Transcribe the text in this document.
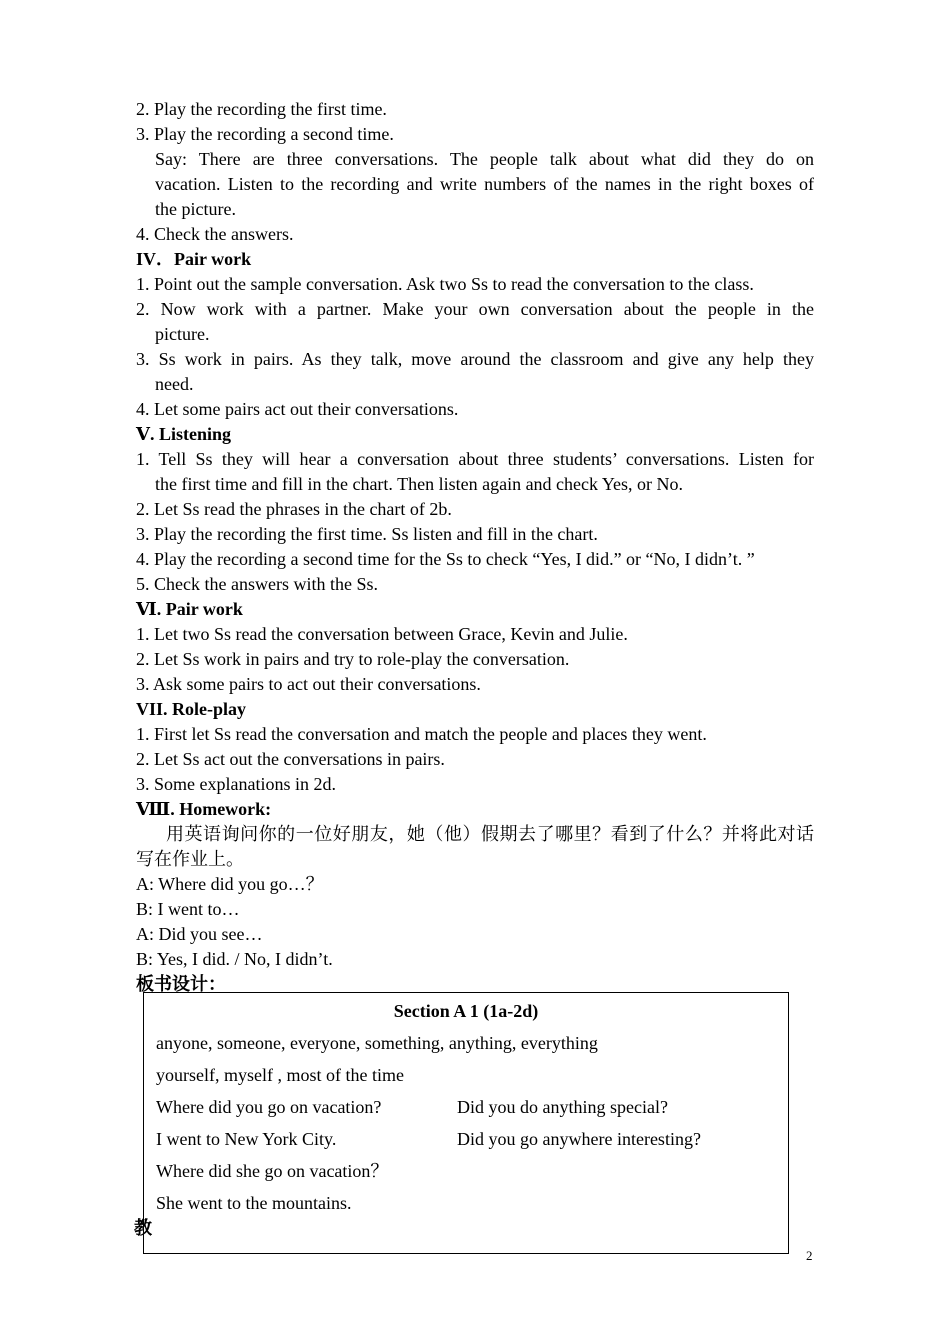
2. Play the recording the first time.
3. Play the recording a second time.
Say: There are three conversations. The people talk about what did they do on
vacation. Listen to the recording and write numbers of the names in the right boxes of
the picture.
4. Check the answers.
IV．Pair work
1. Point out the sample conversation. Ask two Ss to read the conversation to the class.
2. Now work with a partner. Make your own conversation about the people in the
picture.
3. Ss work in pairs. As they talk, move around the classroom and give any help they
need.
4. Let some pairs act out their conversations.
Ⅴ. Listening
1. Tell Ss they will hear a conversation about three students’ conversations. Listen for
the first time and fill in the chart. Then listen again and check Yes, or No.
2. Let Ss read the phrases in the chart of 2b.
3. Play the recording the first time. Ss listen and fill in the chart.
4. Play the recording a second time for the Ss to check “Yes, I did.” or “No, I didn’t. ”
5. Check the answers with the Ss.
Ⅵ. Pair work
1. Let two Ss read the conversation between Grace, Kevin and Julie.
2. Let Ss work in pairs and try to role-play the conversation.
3. Ask some pairs to act out their conversations.
VII. Role-play
1. First let Ss read the conversation and match the people and places they went.
2. Let Ss act out the conversations in pairs.
3. Some explanations in 2d.
Ⅷ. Homework:
用英语询问你的一位好朋友，她（他）假期去了哪里？看到了什么？并将此对话
写在作业上。
A: Where did you go…？
B: I went to…
A: Did you see…
B: Yes, I did. / No, I didn’t.
板书设计：
教
Section A 1 (1a-2d)
anyone, someone, everyone, something, anything, everything
yourself, myself , most of the time
Where did you go on vacation?	Did you do anything special?
I went to New York City.	Did you go anywhere interesting?
Where did she go on vacation？
She went to the mountains.
2
